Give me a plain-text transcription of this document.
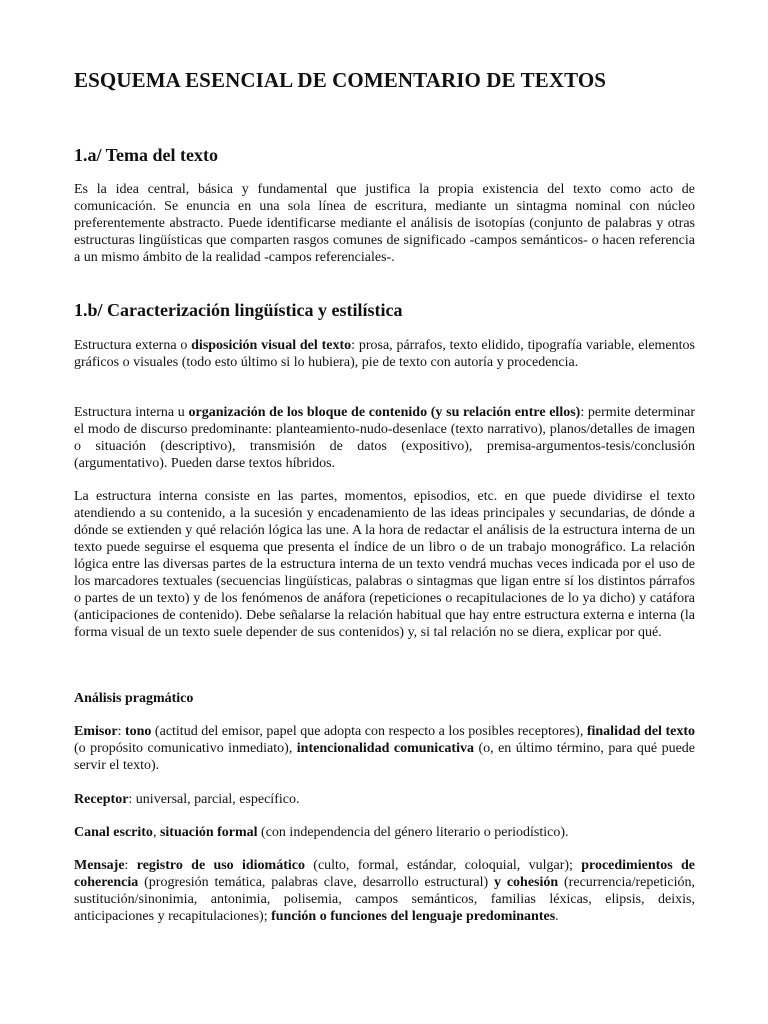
ESQUEMA ESENCIAL DE COMENTARIO DE TEXTOS
1.a/ Tema del texto

Es la idea central, básica y fundamental que justifica la propia existencia del texto como acto de comunicación. Se enuncia en una sola línea de escritura, mediante un sintagma nominal con núcleo preferentemente abstracto. Puede identificarse mediante el análisis de isotopías (conjunto de palabras y otras estructuras lingüísticas que comparten rasgos comunes de significado -campos semánticos- o hacen referencia a un mismo ámbito de la realidad -campos referenciales-.

1.b/ Caracterización lingüística y estilística

Estructura externa o disposición visual del texto: prosa, párrafos, texto elidido, tipografía variable, elementos gráficos o visuales (todo esto último si lo hubiera), pie de texto con autoría y procedencia.

Estructura interna u organización de los bloque de contenido (y su relación entre ellos): permite determinar el modo de discurso predominante: planteamiento-nudo-desenlace (texto narrativo), planos/detalles de imagen o situación (descriptivo), transmisión de datos (expositivo), premisa-argumentos-tesis/conclusión (argumentativo). Pueden darse textos híbridos.

La estructura interna consiste en las partes, momentos, episodios, etc. en que puede dividirse el texto atendiendo a su contenido, a la sucesión y encadenamiento de las ideas principales y secundarias, de dónde a dónde se extienden y qué relación lógica las une. A la hora de redactar el análisis de la estructura interna de un texto puede seguirse el esquema que presenta el índice de un libro o de un trabajo monográfico. La relación lógica entre las diversas partes de la estructura interna de un texto vendrá muchas veces indicada por el uso de los marcadores textuales (secuencias lingüísticas, palabras o sintagmas que ligan entre sí los distintos párrafos o partes de un texto) y de los fenómenos de anáfora (repeticiones o recapitulaciones de lo ya dicho) y catáfora (anticipaciones de contenido). Debe señalarse la relación habitual que hay entre estructura externa e interna (la forma visual de un texto suele depender de sus contenidos) y, si tal relación no se diera, explicar por qué.

Análisis pragmático

Emisor: tono (actitud del emisor, papel que adopta con respecto a los posibles receptores), finalidad del texto (o propósito comunicativo inmediato), intencionalidad comunicativa (o, en último término, para qué puede servir el texto).

Receptor: universal, parcial, específico.

Canal escrito, situación formal (con independencia del género literario o periodístico).

Mensaje: registro de uso idiomático (culto, formal, estándar, coloquial, vulgar); procedimientos de coherencia (progresión temática, palabras clave, desarrollo estructural) y cohesión (recurrencia/repetición, sustitución/sinonimia, antonimia, polisemia, campos semánticos, familias léxicas, elipsis, deixis, anticipaciones y recapitulaciones); función o funciones del lenguaje predominantes.
